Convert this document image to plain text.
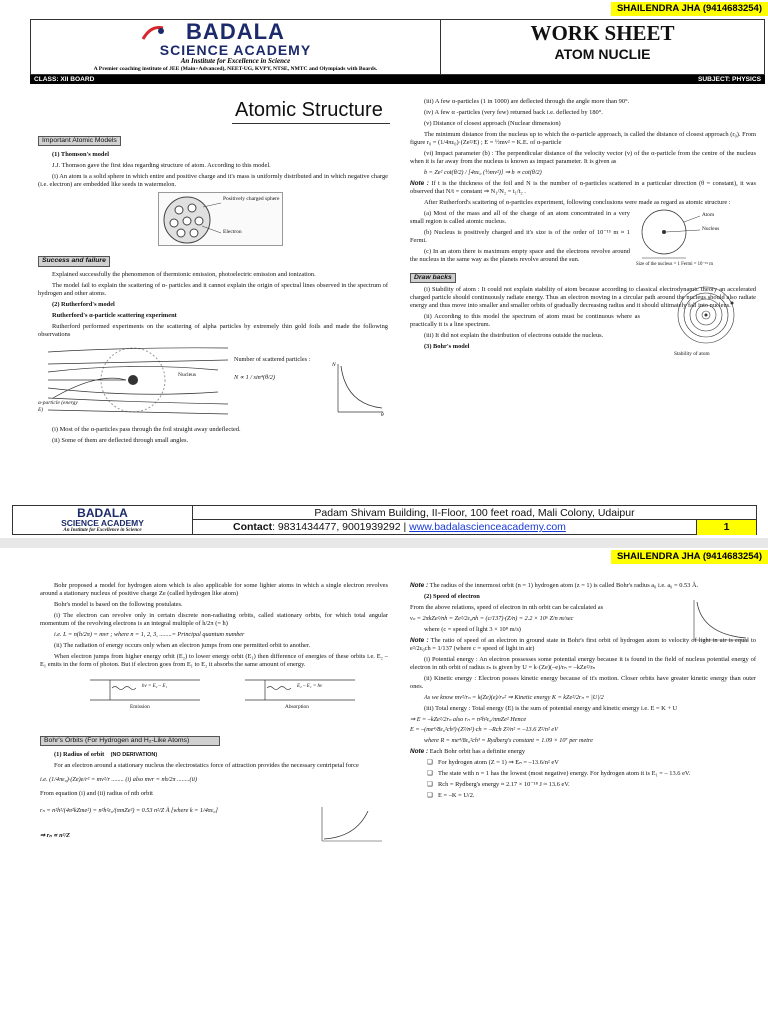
SHAILENDRA JHA (9414683254)
BADALA
SCIENCE ACADEMY
An Institute for Excellence in Science
A Premier coaching institute of JEE (Main+Advanced), NEET-UG, KVPY, NTSE, NMTC and Olympiads with Boards.
WORK SHEET
ATOM NUCLIE
CLASS: XII BOARD	SUBJECT: PHYSICS
Atomic Structure
Important Atomic Models

(1) Thomson's model

J.J. Thomson gave the first idea regarding structure of atom. According to this model.

(i) An atom is a solid sphere in which entire and positive charge and it's mass is uniformly distributed and in which negative charge (i.e. electron) are embedded like seeds in watermelon.

Positively charged sphere
Electron
Success and failure

Explained successfully the phenomenon of thermionic emission, photoelectric emission and ionization.

The model fail to explain the scattering of α- particles and it cannot explain the origin of spectral lines observed in the spectrum of hydrogen and other atoms.

(2) Rutherford's model

Rutherford's α-particle scattering experiment

Rutherford performed experiments on the scattering of alpha particles by extremely thin gold foils and made the following observations

Nucleus
α-particle (energy E)
Number of scattered particles :
N ∝ 1 / sin⁴(θ/2)
N
θ

(i) Most of the α-particles pass through the foil straight away undeflected.

(ii) Some of them are deflected through small angles.

(iii) A few α-particles (1 in 1000) are deflected through the angle more than 90°.

(iv) A few α -particles (very few) returned back i.e. deflected by 180°.

(v) Distance of closest approach (Nuclear dimension)

The minimum distance from the nucleus up to which the α-particle approach, is called the distance of closest approach (r₀). From figure r₀ = (1/4πε₀)·(Ze²/E) ; E = ½mv² = K.E. of α-particle

(vi) Impact parameter (b) : The perpendicular distance of the velocity vector (v) of the α-particle from the centre of the nucleus when it is far away from the nucleus is known as impact parameter. It is given as

b = Ze² cot(θ/2) / [4πε₀ (½mv²)] ⇒ b ∝ cot(θ/2)

Note : If t is the thickness of the foil and N is the number of α-particles scattered in a particular direction (θ = constant), it was observed that N/t = constant ⇒ N₁/N₂ = t₁/t₂ .

After Rutherford's scattering of α-particles experiment, following conclusions were made as regard as atomic structure :

(a) Most of the mass and all of the charge of an atom concentrated in a very small region is called atomic nucleus.

(b) Nucleus is positively charged and it's size is of the order of 10⁻¹⁵ m ≈ 1 Fermi.

(c) In an atom there is maximum empty space and the electrons revolve around the nucleus in the same way as the planets revolve around the sun.

Atom
Nucleus
Size of the nucleus = 1 Fermi = 10⁻¹⁵ m
Draw backs

(i) Stability of atom : It could not explain stability of atom because according to classical electrodynamic theory an accelerated charged particle should continuously radiate energy. Thus an electron moving in a circular path around the nucleus should also radiate energy and thus move into smaller and smaller orbits of gradually decreasing radius and it should ultimately fall into nucleus.

(ii) According to this model the spectrum of atom must be continuous where as practically it is a line spectrum.

(iii) It did not explain the distribution of electrons outside the nucleus.

(3) Bohr's model

Stability of atom
BADALA
SCIENCE ACADEMY
An Institute for Excellence in Science
Padam Shivam Building, II-Floor, 100 feet road, Mali Colony, Udaipur
Contact: 9831434477, 9001939292 | www.badalascienceacademy.com	1
SHAILENDRA JHA (9414683254)

Bohr proposed a model for hydrogen atom which is also applicable for some lighter atoms in which a single electron revolves around a stationary nucleus of positive charge Ze (called hydrogen like atom)

Bohr's model is based on the following postulates.

(i) The electron can revolve only in certain discrete non-radiating orbits, called stationary orbits, for which total angular momentum of the revolving electrons is an integral multiple of h/2π (= ħ)

i.e. L = n(h/2π) = mvr ; where n = 1, 2, 3, ........= Principal quantum number

(ii) The radiation of energy occurs only when an electron jumps from one permitted orbit to another.

When electron jumps from higher energy orbit (E₂) to lower energy orbit (E₁) then difference of energies of these orbits i.e. E₂ – E₁ emits in the form of photon. But if electron goes from E₁ to E₂ it absorbs the same amount of energy.

hν = E₂ – E₁	E₂ – E₁ = hν
Emission	Absorption
Bohr's Orbits (For Hydrogen and H₂-Like Atoms)

(1) Radius of orbit (NO DERIVATION)

For an electron around a stationary nucleus the electrostatics force of attraction provides the necessary centripetal force

i.e. (1/4πε₀)·(Ze)e/r² = mv²/r ........ (i) also mvr = nh/2π ........(ii)

From equation (i) and (ii) radius of nth orbit

rₙ = n²h²/(4π²kZme²) = n²h²ε₀/(πmZe²) = 0.53 n²/Z Å [where k = 1/4πε₀]

⇒ rₙ ∝ n²/Z

Note : The radius of the innermost orbit (n = 1) hydrogen atom (z = 1) is called Bohr's radius a₀ i.e. a₀ = 0.53 Å.

(2) Speed of electron

From the above relations, speed of electron in nth orbit can be calculated as

vₙ = 2πkZe²/nh = Ze²/2ε₀nh = (c/137)·(Z/n) = 2.2 × 10⁶ Z/n m/sec

where (c = speed of light 3 × 10⁸ m/s)

Note : The ratio of speed of an electron in ground state in Bohr's first orbit of hydrogen atom to velocity of light in air is equal to e²/2ε₀ch = 1/137 (where c = speed of light in air)

(i) Potential energy : An electron possesses some potential energy because it is found in the field of nucleus potential energy of electron in nth orbit of radius rₙ is given by U = k·(Ze)(–e)/rₙ = –kZe²/rₙ

(ii) Kinetic energy : Electron posses kinetic energy because of it's motion. Closer orbits have greater kinetic energy than outer ones.

As we know mv²/rₙ = k(Ze)(e)/rₙ² ⇒ Kinetic energy K = kZe²/2rₙ = |U|/2

(iii) Total energy : Total energy (E) is the sum of potential energy and kinetic energy i.e. E = K + U

⇒ E = –kZe²/2rₙ also rₙ = n²h²ε₀/πmZe² Hence

E = –(me⁴/8ε₀²ch³)·(Z²/n²)·ch = –Rch Z²/n² = –13.6 Z²/n² eV

where R = me⁴/8ε₀²ch³ = Rydberg's constant = 1.09 × 10⁷ per metre

Note : Each Bohr orbit has a definite energy

❏ For hydrogen atom (Z = 1) ⇒ Eₙ = –13.6/n² eV
❏ The state with n = 1 has the lowest (most negative) energy. For hydrogen atom it is E₁ = – 13.6 eV.
❏ Rch = Rydberg's energy ≈ 2.17 × 10⁻¹⁸ J ≈ 13.6 eV.
❏ E = –K = U/2.
